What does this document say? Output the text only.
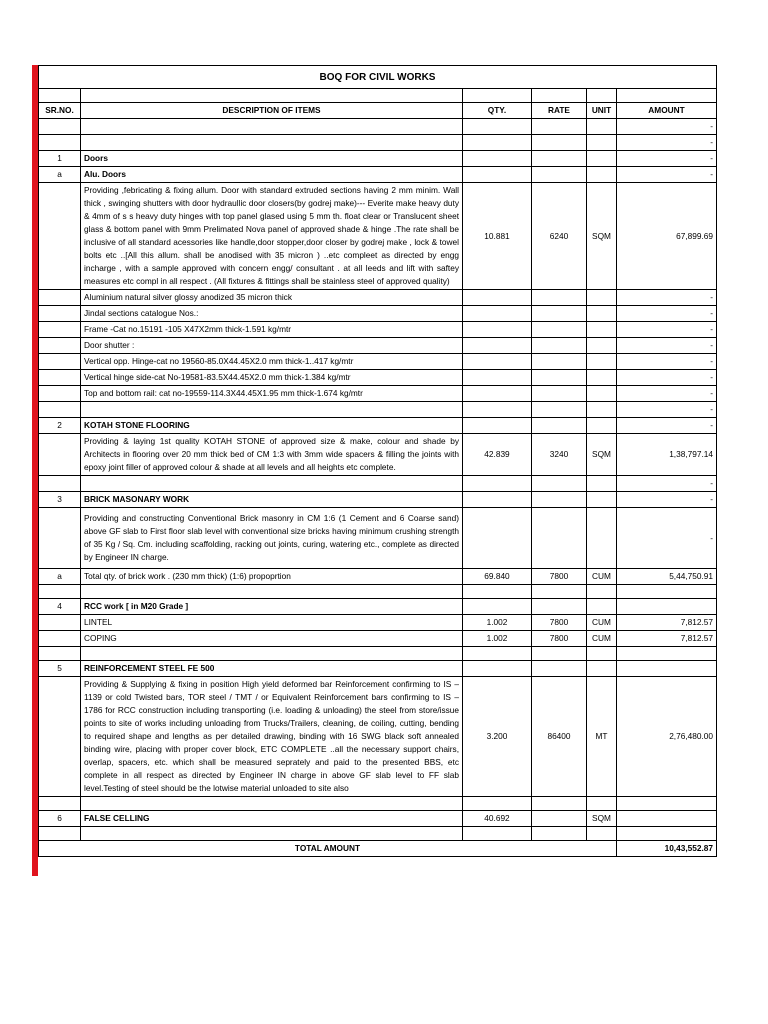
BOQ FOR CIVIL WORKS					

SR.NO.	DESCRIPTION OF ITEMS	QTY.	RATE	UNIT	AMOUNT
					-
					-
1	Doors				-
a	Alu. Doors				-
	Providing ,febricating & fixing allum. Door with standard extruded sections having 2 mm minim. Wall thick , swinging shutters with door hydraullic door closers(by godrej make)--- Everite make heavy duty & 4mm of s s heavy duty hinges with top panel glased using 5 mm th. float clear or Translucent sheet glass & bottom panel with 9mm Prelimated Nova panel of approved shade & hinge .The rate shall be inclusive of all standard acessories like handle,door stopper,door closer by godrej make , lock & towel bolts etc ..[All this allum. shall be anodised with 35 micron ) ..etc compleet as directed by engg incharge , with a sample approved with concern engg/ consultant . at all leeds and lift with saftey measures etc compl in all respect . (All fixtures & fittings shall be stainless steel of approved quality)	10.881	6240	SQM	67,899.69
	Aluminium natural silver glossy anodized 35 micron thick				-
	Jindal sections catalogue Nos.:				-
	Frame -Cat no.15191 -105 X47X2mm thick-1.591 kg/mtr				-
	Door shutter :				-
	Vertical opp. Hinge-cat no 19560-85.0X44.45X2.0 mm thick-1..417 kg/mtr				-
	Vertical hinge side-cat No-19581-83.5X44.45X2.0 mm thick-1.384 kg/mtr				-
	Top and bottom rail: cat no-19559-114.3X44.45X1.95 mm thick-1.674 kg/mtr				-
					-
2	KOTAH STONE FLOORING				-
	Providing & laying 1st quality KOTAH STONE of approved size & make, colour and shade by Architects in flooring over 20 mm thick bed of CM 1:3 with 3mm wide spacers & filling the joints with epoxy joint filler of approved colour & shade at all levels and all heights etc complete.	42.839	3240	SQM	1,38,797.14
					-
3	BRICK MASONARY WORK				-
	Providing and constructing Conventional Brick masonry in CM 1:6 (1 Cement and 6 Coarse sand) above GF slab to First floor slab level with conventional size bricks having minimum crushing strength of 35 Kg / Sq. Cm. including scaffolding, racking out joints, curing, watering etc., complete as directed by Engineer IN charge.				-
a	Total qty. of brick work . (230 mm thick) (1:6) propoprtion	69.840	7800	CUM	5,44,750.91

4	RCC work [ in M20 Grade ]				
	LINTEL	1.002	7800	CUM	7,812.57
	COPING	1.002	7800	CUM	7,812.57

5	REINFORCEMENT STEEL FE 500				
	Providing & Supplying & fixing in position High yield deformed bar Reinforcement confirming to IS – 1139 or cold Twisted bars, TOR steel / TMT / or Equivalent Reinforcement bars confirming to IS – 1786 for RCC construction including transporting (i.e. loading & unloading) the steel from store/issue points to site of works including unloading from Trucks/Trailers, cleaning, de coiling, cutting, bending to required shape and lengths as per detailed drawing, binding with 16 SWG black soft annealed binding wire, placing with proper cover block, ETC COMPLETE ..all the necessary support chairs, overlap, spacers, etc. which shall be measured seprately and paid to the presented BBS, etc complete in all respect as directed by Engineer IN charge in above GF slab level to FF slab level.Testing of steel should be the lotwise material unloaded to site also	3.200	86400	MT	2,76,480.00

6	FALSE CELLING	40.692		SQM	

TOTAL AMOUNT					10,43,552.87
